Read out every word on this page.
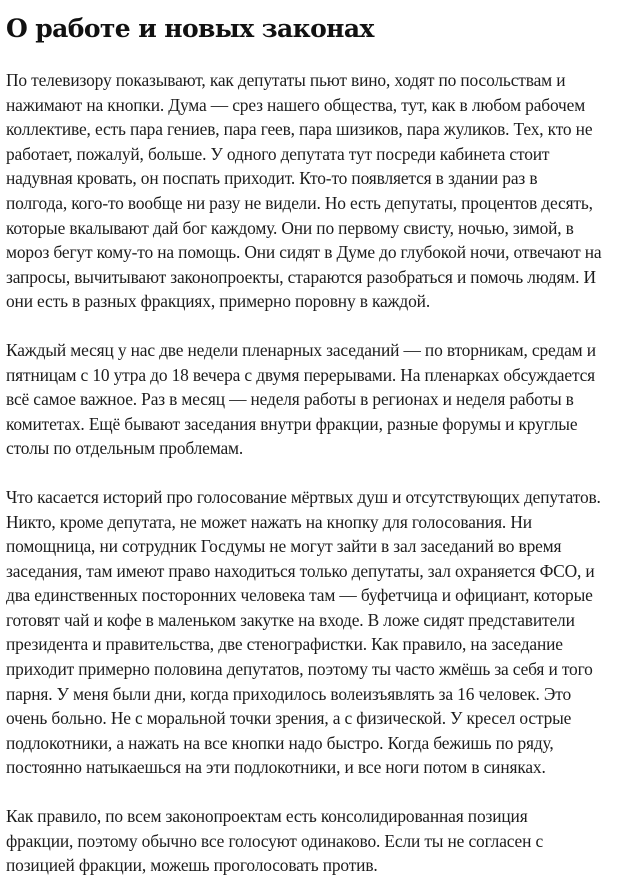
О работе и новых законах

По телевизору показывают, как депутаты пьют вино, ходят по посольствам и
нажимают на кнопки. Дума — срез нашего общества, тут, как в любом рабочем
коллективе, есть пара гениев, пара геев, пара шизиков, пара жуликов. Тех, кто не
работает, пожалуй, больше. У одного депутата тут посреди кабинета стоит
надувная кровать, он поспать приходит. Кто-то появляется в здании раз в
полгода, кого-то вообще ни разу не видели. Но есть депутаты, процентов десять,
которые вкалывают дай бог каждому. Они по первому свисту, ночью, зимой, в
мороз бегут кому-то на помощь. Они сидят в Думе до глубокой ночи, отвечают на
запросы, вычитывают законопроекты, стараются разобраться и помочь людям. И
они есть в разных фракциях, примерно поровну в каждой.

Каждый месяц у нас две недели пленарных заседаний — по вторникам, средам и
пятницам с 10 утра до 18 вечера с двумя перерывами. На пленарках обсуждается
всё самое важное. Раз в месяц — неделя работы в регионах и неделя работы в
комитетах. Ещё бывают заседания внутри фракции, разные форумы и круглые
столы по отдельным проблемам.

Что касается историй про голосование мёртвых душ и отсутствующих депутатов.
Никто, кроме депутата, не может нажать на кнопку для голосования. Ни
помощница, ни сотрудник Госдумы не могут зайти в зал заседаний во время
заседания, там имеют право находиться только депутаты, зал охраняется ФСО, и
два единственных посторонних человека там — буфетчица и официант, которые
готовят чай и кофе в маленьком закутке на входе. В ложе сидят представители
президента и правительства, две стенографистки. Как правило, на заседание
приходит примерно половина депутатов, поэтому ты часто жмёшь за себя и того
парня. У меня были дни, когда приходилось волеизъявлять за 16 человек. Это
очень больно. Не с моральной точки зрения, а с физической. У кресел острые
подлокотники, а нажать на все кнопки надо быстро. Когда бежишь по ряду,
постоянно натыкаешься на эти подлокотники, и все ноги потом в синяках.

Как правило, по всем законопроектам есть консолидированная позиция
фракции, поэтому обычно все голосуют одинаково. Если ты не согласен с
позицией фракции, можешь проголосовать против.
